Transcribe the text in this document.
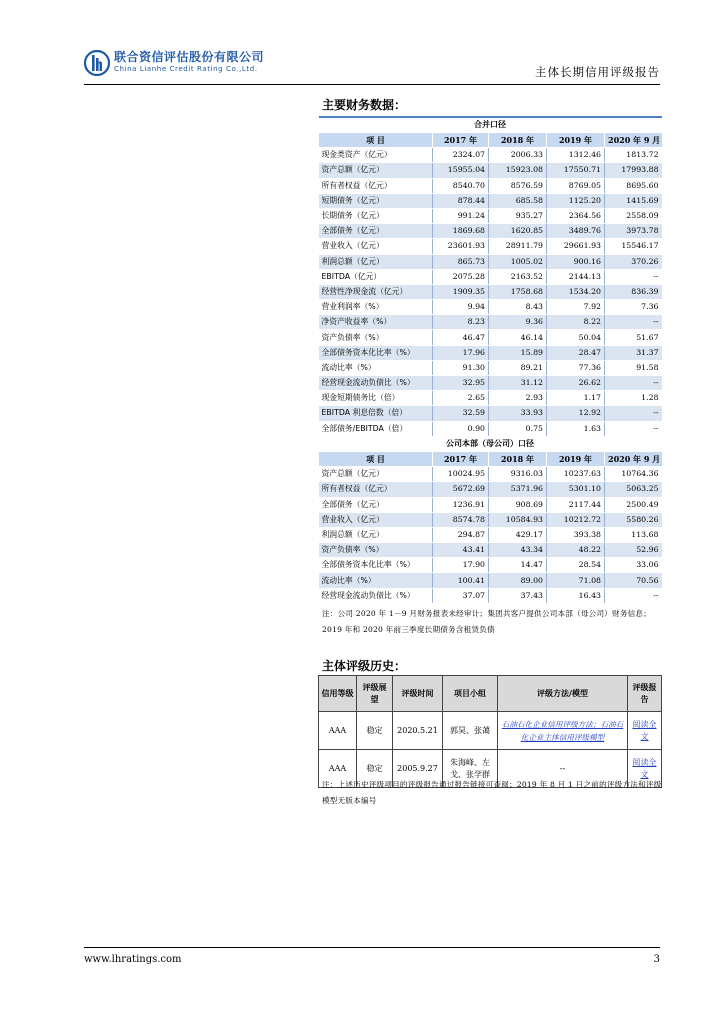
联合资信评估股份有限公司
China Lianhe Credit Rating Co.,Ltd.	主体长期信用评级报告
主要财务数据：
合并口径				
项 目	2017 年	2018 年	2019 年	2020 年 9 月
现金类资产（亿元）	2324.07	2006.33	1312.46	1813.72
资产总额（亿元）	15955.04	15923.08	17550.71	17993.88
所有者权益（亿元）	8540.70	8576.59	8769.05	8695.60
短期债务（亿元）	878.44	685.58	1125.20	1415.69
长期债务（亿元）	991.24	935.27	2364.56	2558.09
全部债务（亿元）	1869.68	1620.85	3489.76	3973.78
营业收入（亿元）	23601.93	28911.79	29661.93	15546.17
利润总额（亿元）	865.73	1005.02	900.16	370.26
EBITDA（亿元）	2075.28	2163.52	2144.13	--
经营性净现金流（亿元）	1909.35	1758.68	1534.20	836.39
营业利润率（%）	9.94	8.43	7.92	7.36
净资产收益率（%）	8.23	9.36	8.22	--
资产负债率（%）	46.47	46.14	50.04	51.67
全部债务资本化比率（%）	17.96	15.89	28.47	31.37
流动比率（%）	91.30	89.21	77.36	91.58
经营现金流动负债比（%）	32.95	31.12	26.62	--
现金短期债务比（倍）	2.65	2.93	1.17	1.28
EBITDA 利息倍数（倍）	32.59	33.93	12.92	--
全部债务/EBITDA（倍）	0.90	0.75	1.63	--
公司本部（母公司）口径				
项 目	2017 年	2018 年	2019 年	2020 年 9 月
资产总额（亿元）	10024.95	9316.03	10237.63	10764.36
所有者权益（亿元）	5672.69	5371.96	5301.10	5063.25
全部债务（亿元）	1236.91	908.69	2117.44	2500.49
营业收入（亿元）	8574.78	10584.93	10212.72	5580.26
利润总额（亿元）	294.87	429.17	393.38	113.68
资产负债率（%）	43.41	43.34	48.22	52.96
全部债务资本化比率（%）	17.90	14.47	28.54	33.06
流动比率（%）	100.41	89.00	71.08	70.56
经营现金流动负债比（%）	37.07	37.43	16.43	--
注：公司 2020 年 1－9 月财务报表未经审计；集团共客户提供公司本部（母公司）财务信息；2019 年和 2020 年前三季度长期债务含租赁负债
主体评级历史：
信用等级	评级展望	评级时间	项目小组	评级方法/模型	评级报告
AAA	稳定	2020.5.21	郭昊、张蔼	石油石化企业信用评级方法；石油石化企业主体信用评级模型	阅读全文
AAA	稳定	2005.9.27	朱海峰、左戈、张学群	--	阅读全文
注：上述历史评级项目的评级报告通过报告链接可查阅；2019 年 8 月 1 日之前的评级方法和评级模型无版本编号
www.lhratings.com	3
